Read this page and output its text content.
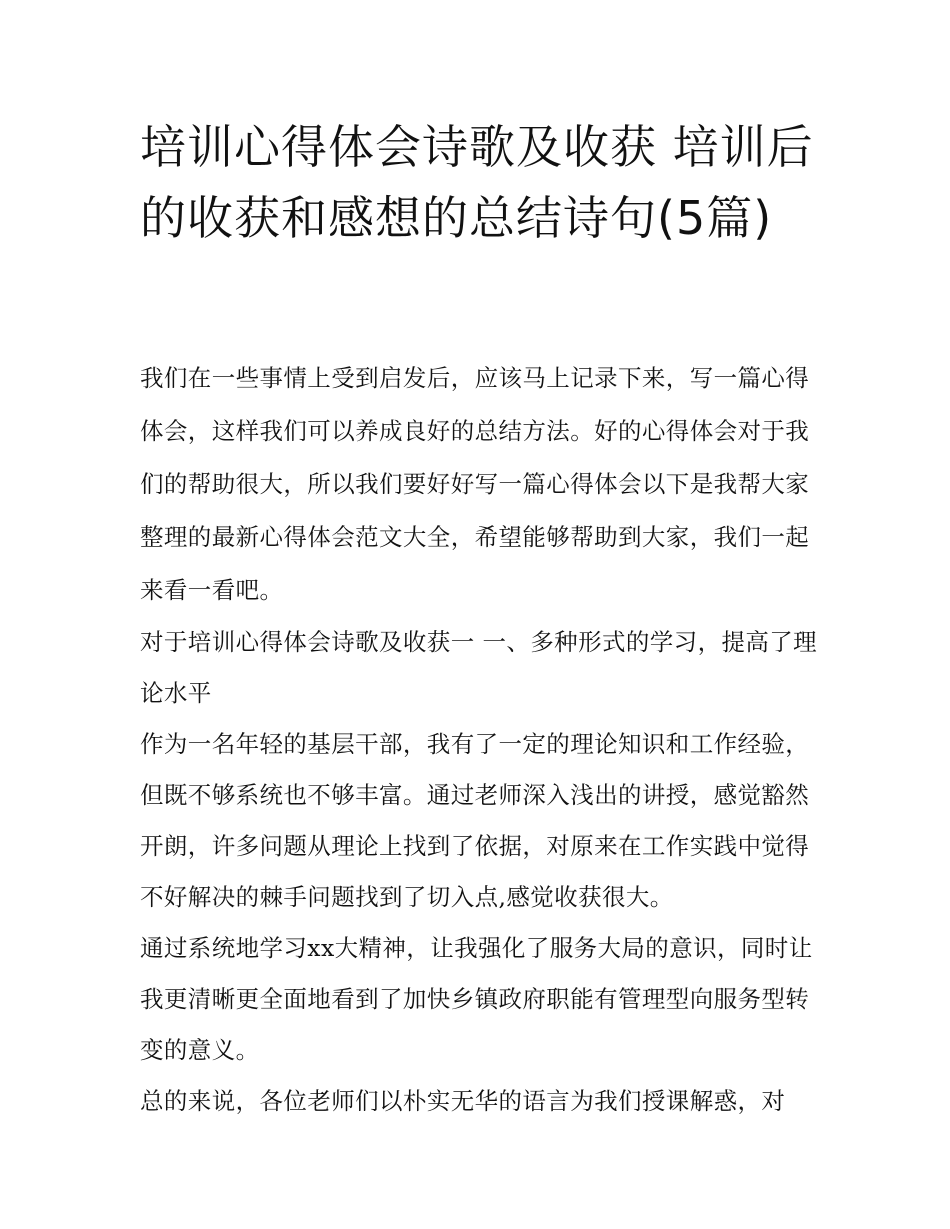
培训心得体会诗歌及收获 培训后的收获和感想的总结诗句(5篇)

我们在一些事情上受到启发后，应该马上记录下来，写一篇心得体会，这样我们可以养成良好的总结方法。好的心得体会对于我们的帮助很大，所以我们要好好写一篇心得体会以下是我帮大家整理的最新心得体会范文大全，希望能够帮助到大家，我们一起来看一看吧。

对于培训心得体会诗歌及收获一 一、多种形式的学习，提高了理论水平

作为一名年轻的基层干部，我有了一定的理论知识和工作经验，但既不够系统也不够丰富。通过老师深入浅出的讲授，感觉豁然开朗，许多问题从理论上找到了依据，对原来在工作实践中觉得不好解决的棘手问题找到了切入点,感觉收获很大。

通过系统地学习xx大精神，让我强化了服务大局的意识，同时让我更清晰更全面地看到了加快乡镇政府职能有管理型向服务型转变的意义。

总的来说，各位老师们以朴实无华的语言为我们授课解惑，对
